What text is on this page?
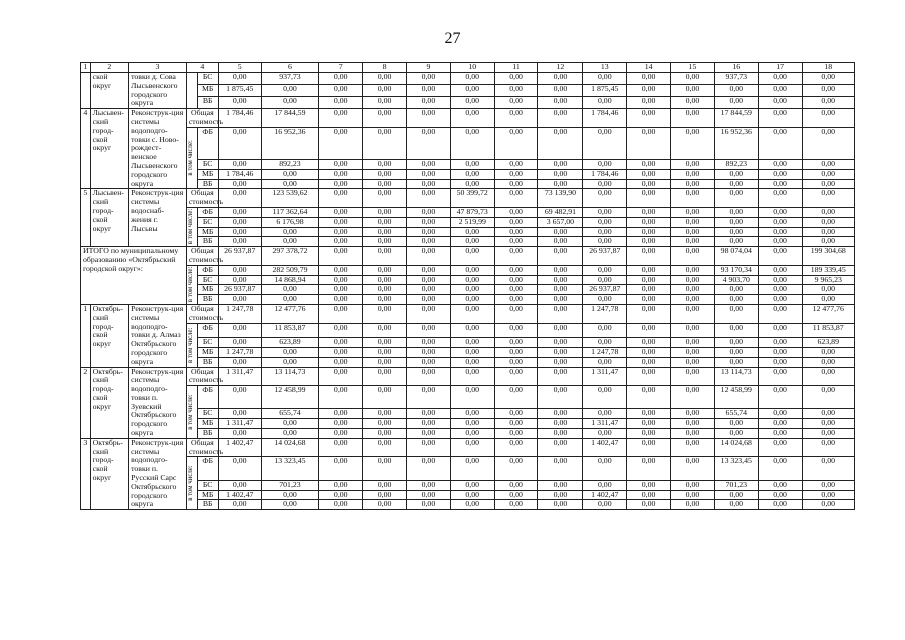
27
1	2	3	4		5	6	7	8	9	10	11	12	13	14	15	16	17	18
	ской округ	товки д. Сова Лысьвенского городского округа		БС	0,00	937,73	0,00	0,00	0,00	0,00	0,00	0,00	0,00	0,00	0,00	937,73	0,00	0,00
				МБ	1 875,45	0,00	0,00	0,00	0,00	0,00	0,00	0,00	1 875,45	0,00	0,00	0,00	0,00	0,00
				ВБ	0,00	0,00	0,00	0,00	0,00	0,00	0,00	0,00	0,00	0,00	0,00	0,00	0,00	0,00
4	Лысьвен-ский город-ской округ	Реконструк-ция системы водоподго-товки с. Ново-рождест-венское Лысьвенского городского округа	Общая стоимость		1 784,46	17 844,59	0,00	0,00	0,00	0,00	0,00	0,00	1 784,46	0,00	0,00	17 844,59	0,00	0,00
			в том числе:	ФБ	0,00	16 952,36	0,00	0,00	0,00	0,00	0,00	0,00	0,00	0,00	0,00	16 952,36	0,00	0,00
				БС	0,00	892,23	0,00	0,00	0,00	0,00	0,00	0,00	0,00	0,00	0,00	892,23	0,00	0,00
				МБ	1 784,46	0,00	0,00	0,00	0,00	0,00	0,00	0,00	1 784,46	0,00	0,00	0,00	0,00	0,00
				ВБ	0,00	0,00	0,00	0,00	0,00	0,00	0,00	0,00	0,00	0,00	0,00	0,00	0,00	0,00
5	Лысьвен-ский город-ской округ	Реконструк-ция системы водоснаб-жения г. Лысьвы	Общая стоимость		0,00	123 539,62	0,00	0,00	0,00	50 399,72	0,00	73 139,90	0,00	0,00	0,00	0,00	0,00	0,00
			в том числе:	ФБ	0,00	117 362,64	0,00	0,00	0,00	47 879,73	0,00	69 482,91	0,00	0,00	0,00	0,00	0,00	0,00
				БС	0,00	6 176,98	0,00	0,00	0,00	2 519,99	0,00	3 657,00	0,00	0,00	0,00	0,00	0,00	0,00
				МБ	0,00	0,00	0,00	0,00	0,00	0,00	0,00	0,00	0,00	0,00	0,00	0,00	0,00	0,00
				ВБ	0,00	0,00	0,00	0,00	0,00	0,00	0,00	0,00	0,00	0,00	0,00	0,00	0,00	0,00
ИТОГО по муниципальному образованию «Октябрьский городской округ»:			Общая стоимость		26 937,87	297 378,72	0,00	0,00	0,00	0,00	0,00	0,00	26 937,87	0,00	0,00	98 074,04	0,00	199 304,68
			в том числе:	ФБ	0,00	282 509,79	0,00	0,00	0,00	0,00	0,00	0,00	0,00	0,00	0,00	93 170,34	0,00	189 339,45
				БС	0,00	14 868,94	0,00	0,00	0,00	0,00	0,00	0,00	0,00	0,00	0,00	4 903,70	0,00	9 965,23
				МБ	26 937,87	0,00	0,00	0,00	0,00	0,00	0,00	0,00	26 937,87	0,00	0,00	0,00	0,00	0,00
				ВБ	0,00	0,00	0,00	0,00	0,00	0,00	0,00	0,00	0,00	0,00	0,00	0,00	0,00	0,00
1	Октябрь-ский город-ской округ	Реконструк-ция системы водоподго-товки д. Алмаз Октябрьского городского округа	Общая стоимость		1 247,78	12 477,76	0,00	0,00	0,00	0,00	0,00	0,00	1 247,78	0,00	0,00	0,00	0,00	12 477,76
			в том числе:	ФБ	0,00	11 853,87	0,00	0,00	0,00	0,00	0,00	0,00	0,00	0,00	0,00	0,00	0,00	11 853,87
				БС	0,00	623,89	0,00	0,00	0,00	0,00	0,00	0,00	0,00	0,00	0,00	0,00	0,00	623,89
				МБ	1 247,78	0,00	0,00	0,00	0,00	0,00	0,00	0,00	1 247,78	0,00	0,00	0,00	0,00	0,00
				ВБ	0,00	0,00	0,00	0,00	0,00	0,00	0,00	0,00	0,00	0,00	0,00	0,00	0,00	0,00
2	Октябрь-ский город-ской округ	Реконструк-ция системы водоподго-товки п. Зуевский Октябрьского городского округа	Общая стоимость		1 311,47	13 114,73	0,00	0,00	0,00	0,00	0,00	0,00	1 311,47	0,00	0,00	13 114,73	0,00	0,00
			в том числе:	ФБ	0,00	12 458,99	0,00	0,00	0,00	0,00	0,00	0,00	0,00	0,00	0,00	12 458,99	0,00	0,00
				БС	0,00	655,74	0,00	0,00	0,00	0,00	0,00	0,00	0,00	0,00	0,00	655,74	0,00	0,00
				МБ	1 311,47	0,00	0,00	0,00	0,00	0,00	0,00	0,00	1 311,47	0,00	0,00	0,00	0,00	0,00
				ВБ	0,00	0,00	0,00	0,00	0,00	0,00	0,00	0,00	0,00	0,00	0,00	0,00	0,00	0,00
3	Октябрь-ский город-ской округ	Реконструк-ция системы водоподго-товки п. Русский Сарс Октябрьского городского округа	Общая стоимость		1 402,47	14 024,68	0,00	0,00	0,00	0,00	0,00	0,00	1 402,47	0,00	0,00	14 024,68	0,00	0,00
			в том числе:	ФБ	0,00	13 323,45	0,00	0,00	0,00	0,00	0,00	0,00	0,00	0,00	0,00	13 323,45	0,00	0,00
				БС	0,00	701,23	0,00	0,00	0,00	0,00	0,00	0,00	0,00	0,00	0,00	701,23	0,00	0,00
				МБ	1 402,47	0,00	0,00	0,00	0,00	0,00	0,00	0,00	1 402,47	0,00	0,00	0,00	0,00	0,00
				ВБ	0,00	0,00	0,00	0,00	0,00	0,00	0,00	0,00	0,00	0,00	0,00	0,00	0,00	0,00
